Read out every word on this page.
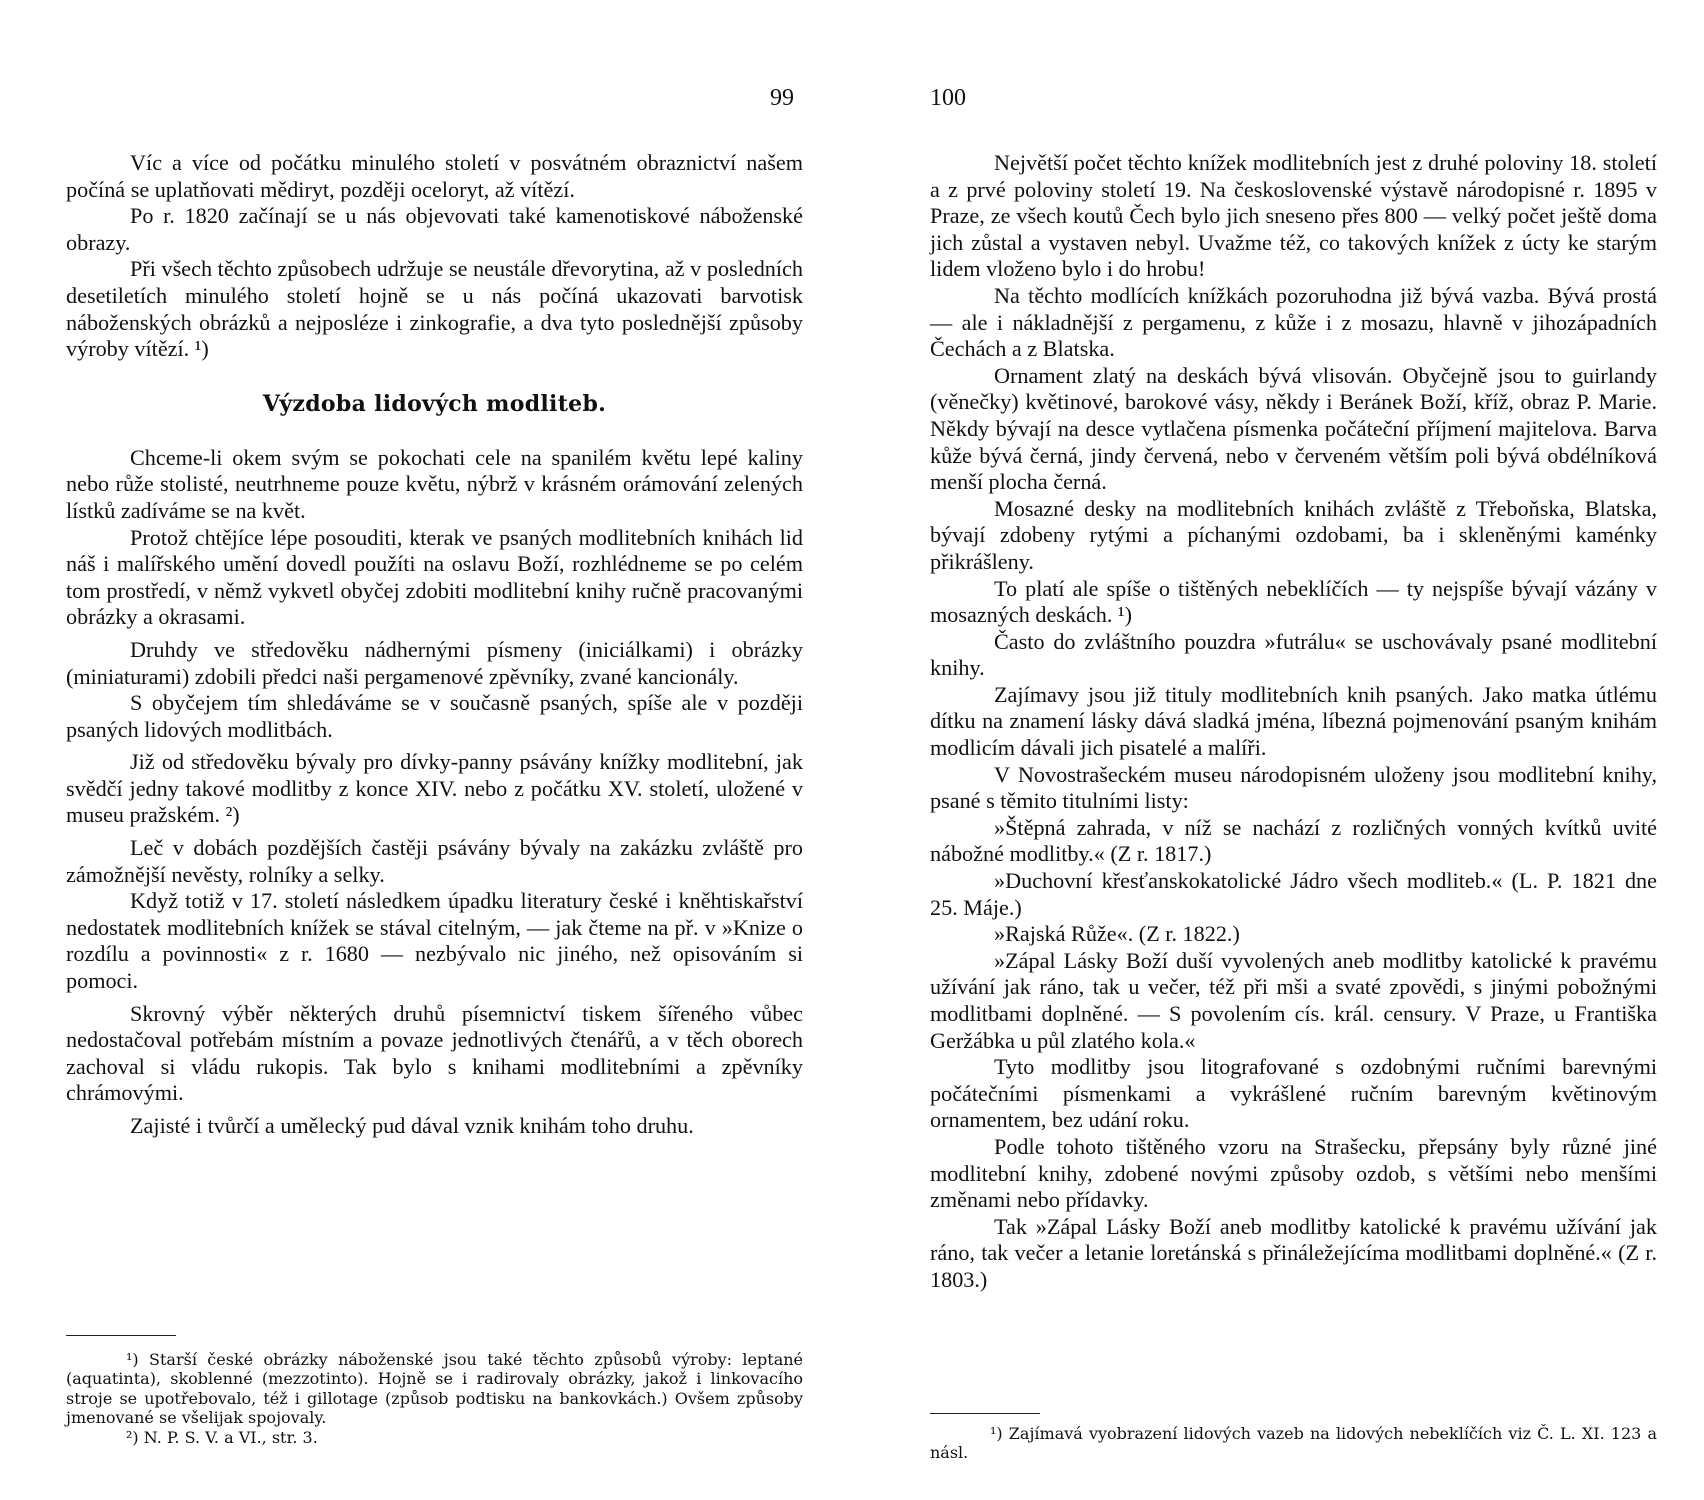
99

Víc a více od počátku minulého století v posvátném obraznictví našem počíná se uplatňovati mědiryt, později oceloryt, až vítězí.

Po r. 1820 začínají se u nás objevovati také kamenotiskové náboženské obrazy.

Při všech těchto způsobech udržuje se neustále dřevorytina, až v posledních desetiletích minulého století hojně se u nás počíná ukazovati barvotisk náboženských obrázků a nejposléze i zinkografie, a dva tyto poslednější způsoby výroby vítězí. ¹)

Výzdoba lidových modliteb.

Chceme-li okem svým se pokochati cele na spanilém květu lepé kaliny nebo růže stolisté, neutrhneme pouze květu, nýbrž v krásném orámování zelených lístků zadíváme se na květ.

Protož chtějíce lépe posouditi, kterak ve psaných modlitebních knihách lid náš i malířského umění dovedl použíti na oslavu Boží, rozhlédneme se po celém tom prostředí, v němž vykvetl obyčej zdobiti modlitební knihy ručně pracovanými obrázky a okrasami.

Druhdy ve středověku nádhernými písmeny (iniciálkami) i obrázky (miniaturami) zdobili předci naši pergamenové zpěvníky, zvané kancionály.

S obyčejem tím shledáváme se v současně psaných, spíše ale v později psaných lidových modlitbách.

Již od středověku bývaly pro dívky-panny psávány knížky modlitební, jak svědčí jedny takové modlitby z konce XIV. nebo z počátku XV. století, uložené v museu pražském. ²)

Leč v dobách pozdějších častěji psávány bývaly na zakázku zvláště pro zámožnější nevěsty, rolníky a selky.

Když totiž v 17. století následkem úpadku literatury české i kněhtiskařství nedostatek modlitebních knížek se stával citelným, — jak čteme na př. v »Knize o rozdílu a povinnosti« z r. 1680 — nezbývalo nic jiného, než opisováním si pomoci.

Skrovný výběr některých druhů písemnictví tiskem šířeného vůbec nedostačoval potřebám místním a povaze jednotlivých čtenářů, a v těch oborech zachoval si vládu rukopis. Tak bylo s knihami modlitebními a zpěvníky chrámovými.

Zajisté i tvůrčí a umělecký pud dával vznik knihám toho druhu.

¹) Starší české obrázky náboženské jsou také těchto způsobů výroby: leptané (aquatinta), skoblenné (mezzotinto). Hojně se i radirovaly obrázky, jakož i linkovacího stroje se upotřebovalo, též i gillotage (způsob podtisku na bankovkách.) Ovšem způsoby jmenované se všelijak spojovaly.

²) N. P. S. V. a VI., str. 3.

100

Největší počet těchto knížek modlitebních jest z druhé poloviny 18. století a z prvé poloviny století 19. Na československé výstavě národopisné r. 1895 v Praze, ze všech koutů Čech bylo jich sneseno přes 800 — velký počet ještě doma jich zůstal a vystaven nebyl. Uvažme též, co takových knížek z úcty ke starým lidem vloženo bylo i do hrobu!

Na těchto modlících knížkách pozoruhodna již bývá vazba. Bývá prostá — ale i nákladnější z pergamenu, z kůže i z mosazu, hlavně v jihozápadních Čechách a z Blatska.

Ornament zlatý na deskách bývá vlisován. Obyčejně jsou to guirlandy (věnečky) květinové, barokové vásy, někdy i Beránek Boží, kříž, obraz P. Marie. Někdy bývají na desce vytlačena písmenka počáteční příjmení majitelova. Barva kůže bývá černá, jindy červená, nebo v červeném větším poli bývá obdélníková menší plocha černá.

Mosazné desky na modlitebních knihách zvláště z Třeboňska, Blatska, bývají zdobeny rytými a píchanými ozdobami, ba i skleněnými kaménky přikrášleny.

To platí ale spíše o tištěných nebeklíčích — ty nejspíše bývají vázány v mosazných deskách. ¹)

Často do zvláštního pouzdra »futrálu« se uschovávaly psané modlitební knihy.

Zajímavy jsou již tituly modlitebních knih psaných. Jako matka útlému dítku na znamení lásky dává sladká jména, líbezná pojmenování psaným knihám modlicím dávali jich pisatelé a malíři.

V Novostrašeckém museu národopisném uloženy jsou modlitební knihy, psané s těmito titulními listy:

»Štěpná zahrada, v níž se nachází z rozličných vonných kvítků uvité nábožné modlitby.« (Z r. 1817.)

»Duchovní křesťanskokatolické Jádro všech modliteb.« (L. P. 1821 dne 25. Máje.)

»Rajská Růže«. (Z r. 1822.)

»Zápal Lásky Boží duší vyvolených aneb modlitby katolické k pravému užívání jak ráno, tak u večer, též při mši a svaté zpovědi, s jinými pobožnými modlitbami doplněné. — S povolením cís. král. censury. V Praze, u Františka Geržábka u půl zlatého kola.«

Tyto modlitby jsou litografované s ozdobnými ručními barevnými počátečními písmenkami a vykrášlené ručním barevným květinovým ornamentem, bez udání roku.

Podle tohoto tištěného vzoru na Strašecku, přepsány byly různé jiné modlitební knihy, zdobené novými způsoby ozdob, s většími nebo menšími změnami nebo přídavky.

Tak »Zápal Lásky Boží aneb modlitby katolické k pravému užívání jak ráno, tak večer a letanie loretánská s přináležejícíma modlitbami doplněné.« (Z r. 1803.)

¹) Zajímavá vyobrazení lidových vazeb na lidových nebeklíčích viz Č. L. XI. 123 a násl.
